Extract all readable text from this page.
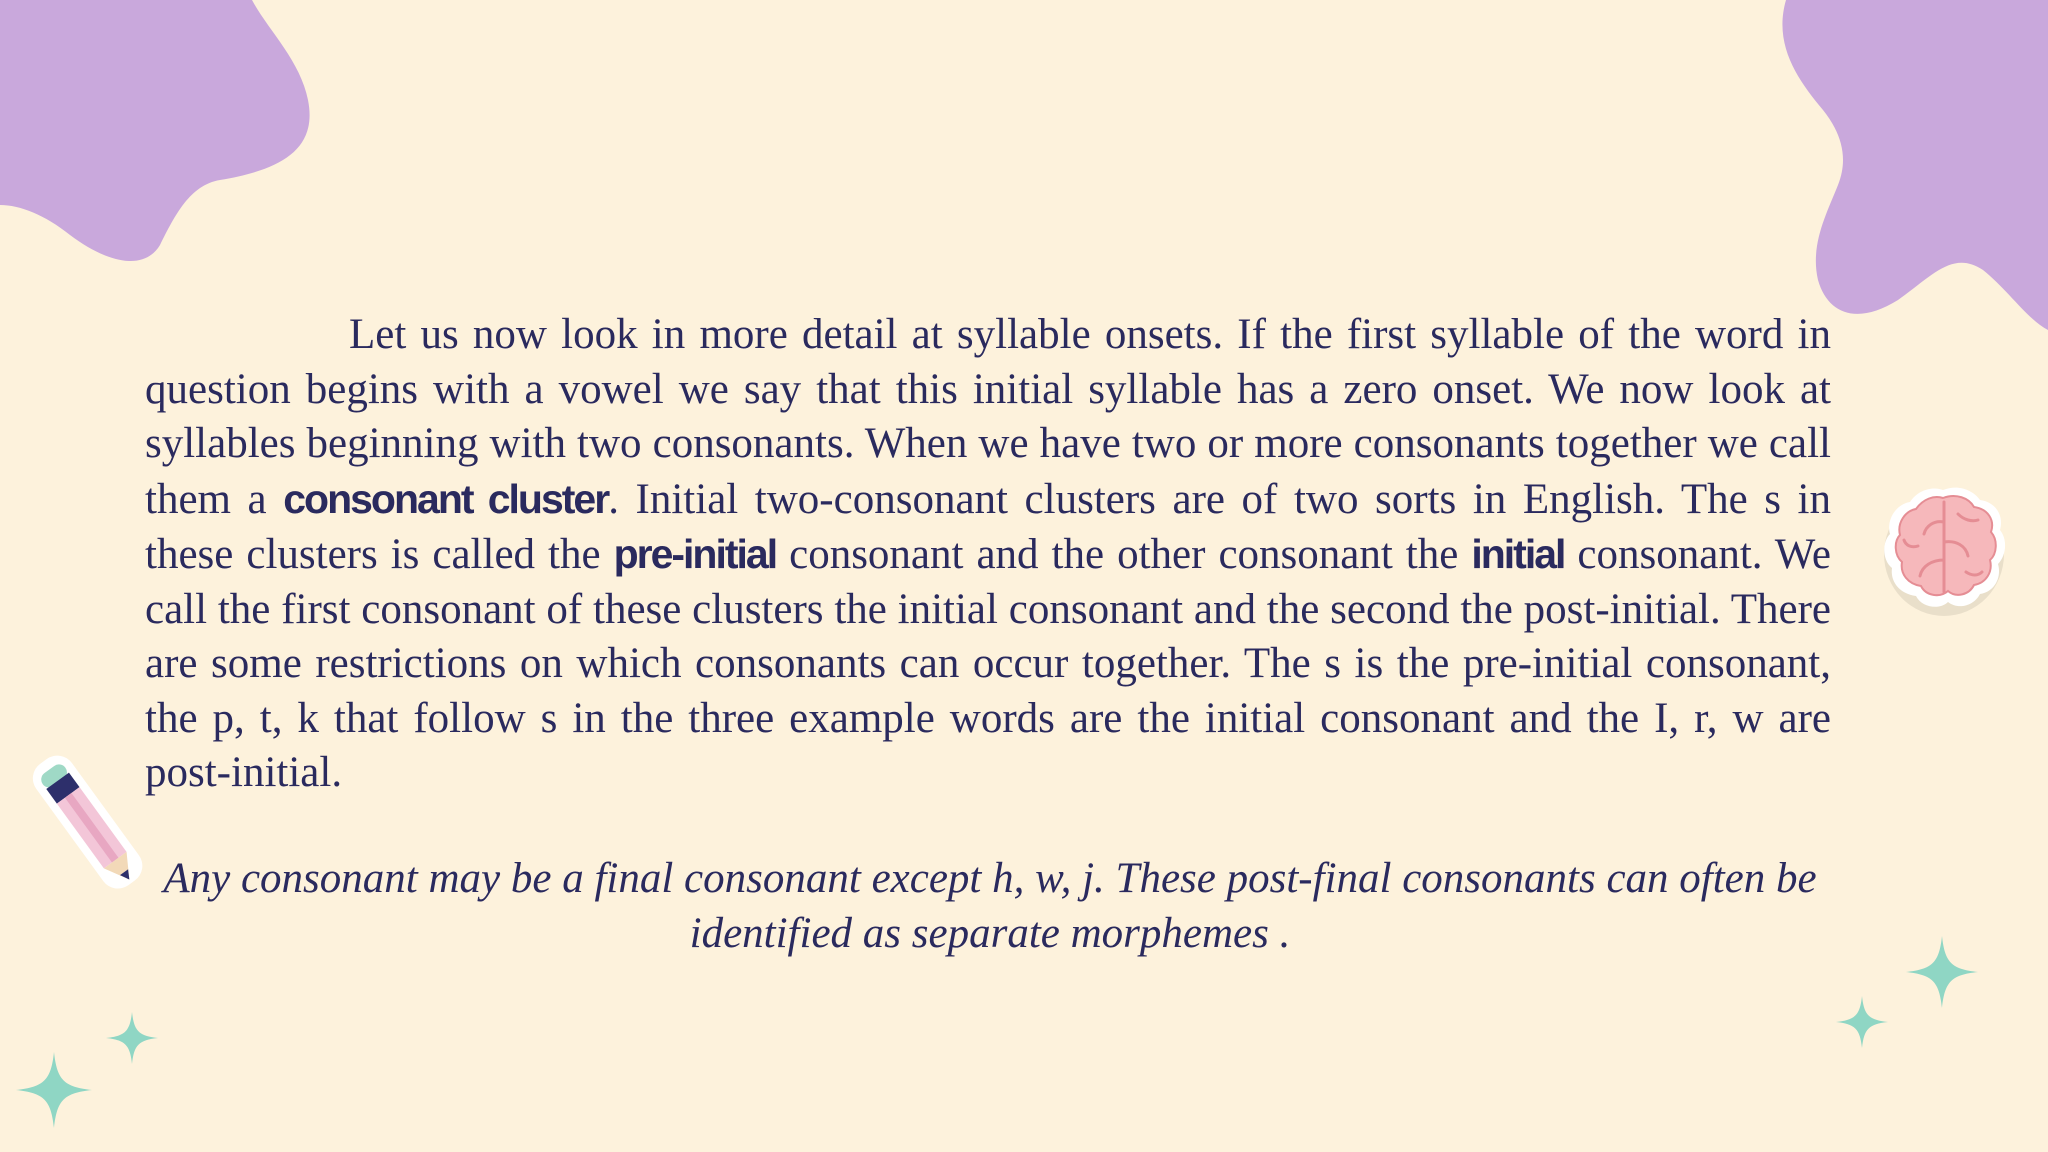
Let us now look in more detail at syllable onsets. If the first syllable of the word in question begins with a vowel we say that this initial syllable has a zero onset. We now look at syllables beginning with two consonants. When we have two or more consonants together we call them a consonant cluster. Initial two-consonant clusters are of two sorts in English. The s in these clusters is called the pre-initial consonant and the other consonant the initial consonant. We call the first consonant of these clusters the initial consonant and the second the post-initial. There are some restrictions on which consonants can occur together. The s is the pre-initial consonant, the p, t, k that follow s in the three example words are the initial consonant and the I, r, w are post-initial.

Any consonant may be a final consonant except h, w, j. These post-final consonants can often be identified as separate morphemes .
